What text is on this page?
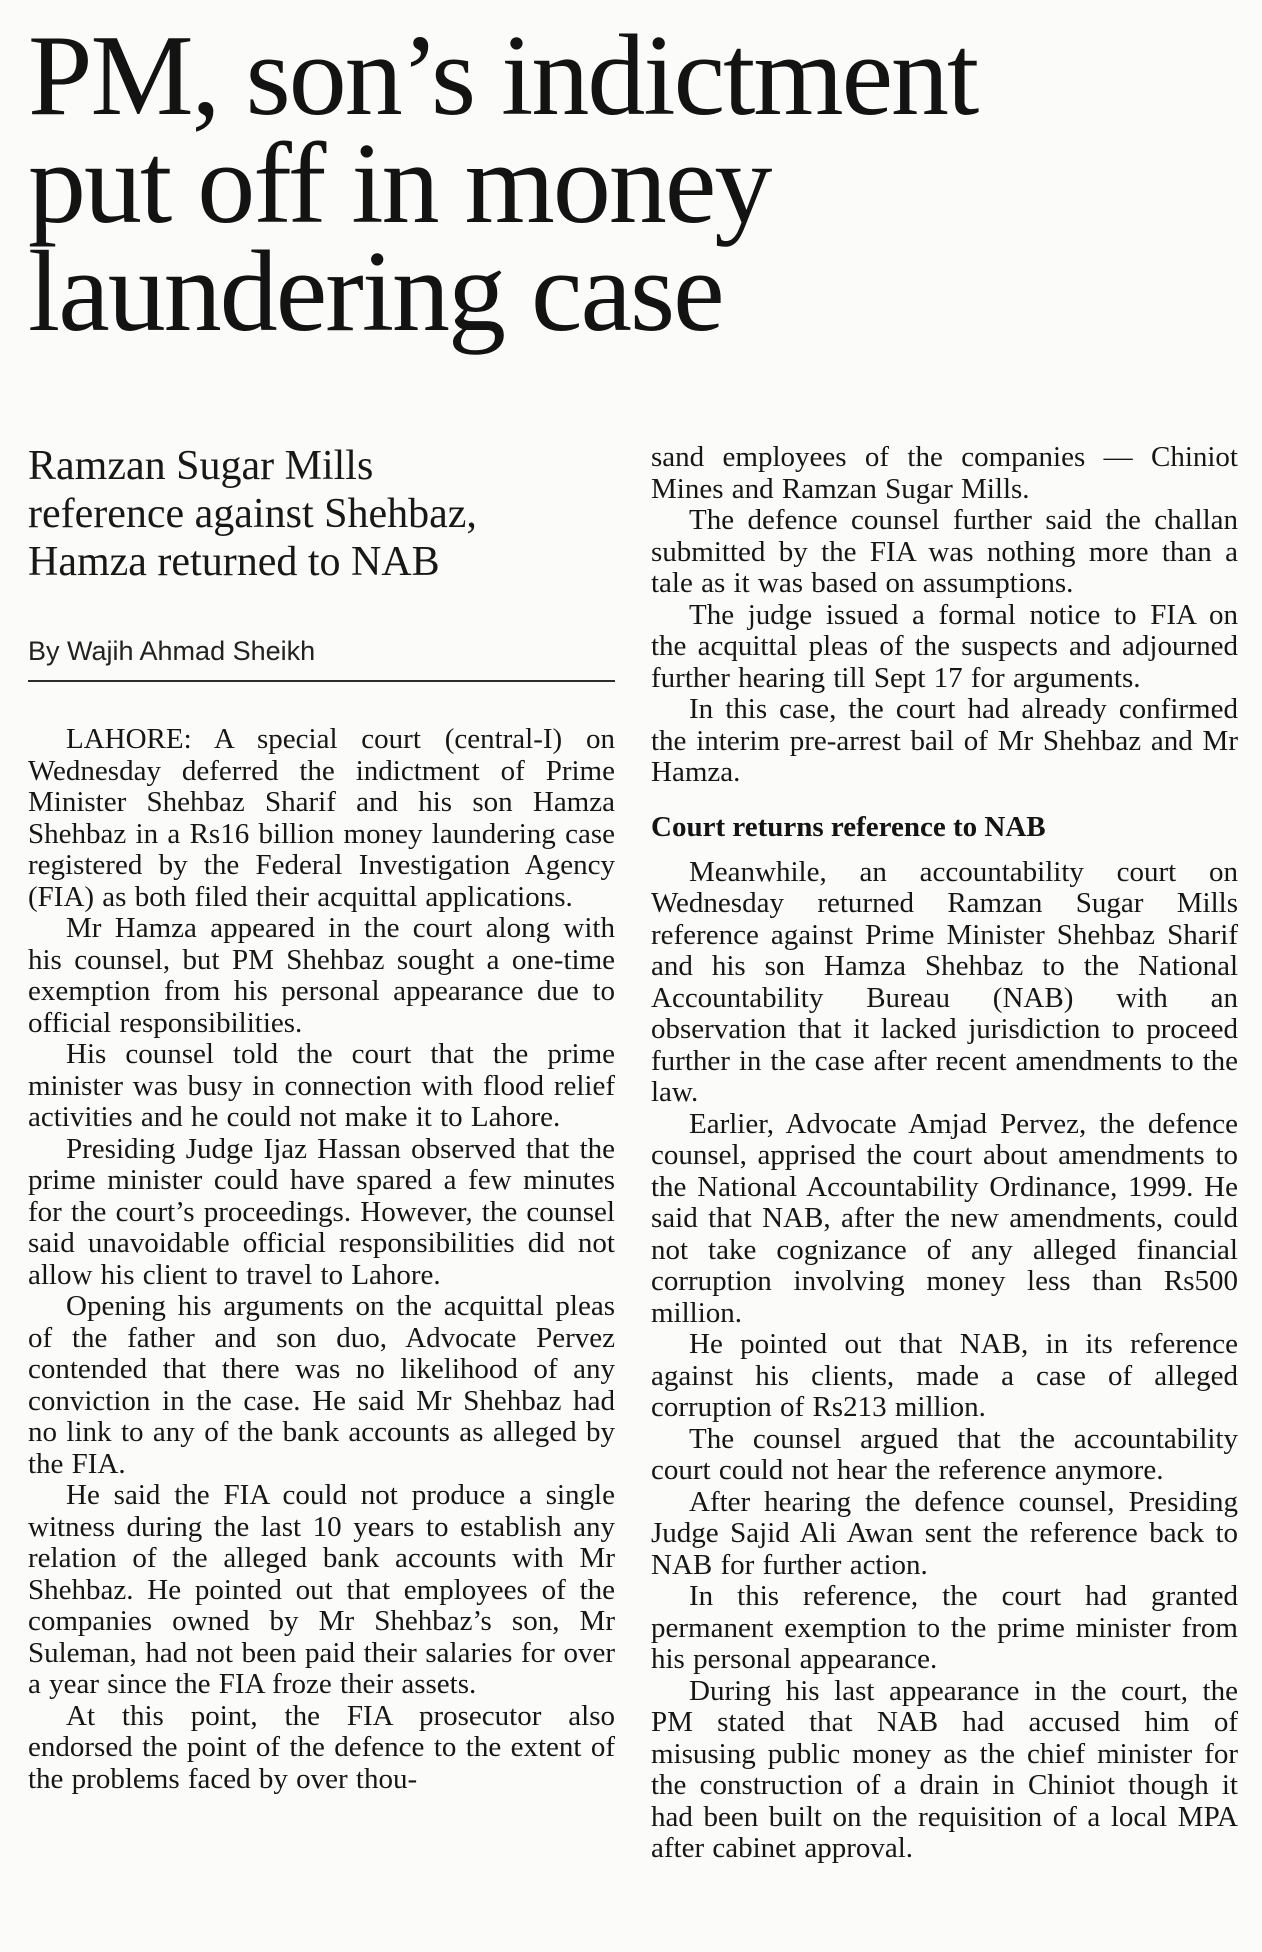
PM, son’s indictment
put off in money
laundering case
Ramzan Sugar Mills
reference against Shehbaz,
Hamza returned to NAB
By Wajih Ahmad Sheikh

LAHORE: A special court (central-I) on Wednesday deferred the indictment of Prime Minister Shehbaz Sharif and his son Hamza Shehbaz in a Rs16 billion money laundering case registered by the Federal Investigation Agency (FIA) as both filed their acquittal applications.

Mr Hamza appeared in the court along with his counsel, but PM Shehbaz sought a one-time exemption from his personal appearance due to official responsibilities.

His counsel told the court that the prime minister was busy in connection with flood relief activities and he could not make it to Lahore.

Presiding Judge Ijaz Hassan observed that the prime minister could have spared a few minutes for the court’s proceedings. However, the counsel said unavoidable official responsibilities did not allow his client to travel to Lahore.

Opening his arguments on the acquittal pleas of the father and son duo, Advocate Pervez contended that there was no likelihood of any conviction in the case. He said Mr Shehbaz had no link to any of the bank accounts as alleged by the FIA.

He said the FIA could not produce a single witness during the last 10 years to establish any relation of the alleged bank accounts with Mr Shehbaz. He pointed out that employees of the companies owned by Mr Shehbaz’s son, Mr Suleman, had not been paid their salaries for over a year since the FIA froze their assets.

At this point, the FIA prosecutor also endorsed the point of the defence to the extent of the problems faced by over thou-

sand employees of the companies — Chiniot Mines and Ramzan Sugar Mills.

The defence counsel further said the challan submitted by the FIA was nothing more than a tale as it was based on assumptions.

The judge issued a formal notice to FIA on the acquittal pleas of the suspects and adjourned further hearing till Sept 17 for arguments.

In this case, the court had already confirmed the interim pre-arrest bail of Mr Shehbaz and Mr Hamza.

Court returns reference to NAB

Meanwhile, an accountability court on Wednesday returned Ramzan Sugar Mills reference against Prime Minister Shehbaz Sharif and his son Hamza Shehbaz to the National Accountability Bureau (NAB) with an observation that it lacked jurisdiction to proceed further in the case after recent amendments to the law.

Earlier, Advocate Amjad Pervez, the defence counsel, apprised the court about amendments to the National Accountability Ordinance, 1999. He said that NAB, after the new amendments, could not take cognizance of any alleged financial corruption involving money less than Rs500 million.

He pointed out that NAB, in its reference against his clients, made a case of alleged corruption of Rs213 million.

The counsel argued that the accountability court could not hear the reference anymore.

After hearing the defence counsel, Presiding Judge Sajid Ali Awan sent the reference back to NAB for further action.

In this reference, the court had granted permanent exemption to the prime minister from his personal appearance.

During his last appearance in the court, the PM stated that NAB had accused him of misusing public money as the chief minister for the construction of a drain in Chiniot though it had been built on the requisition of a local MPA after cabinet approval.
